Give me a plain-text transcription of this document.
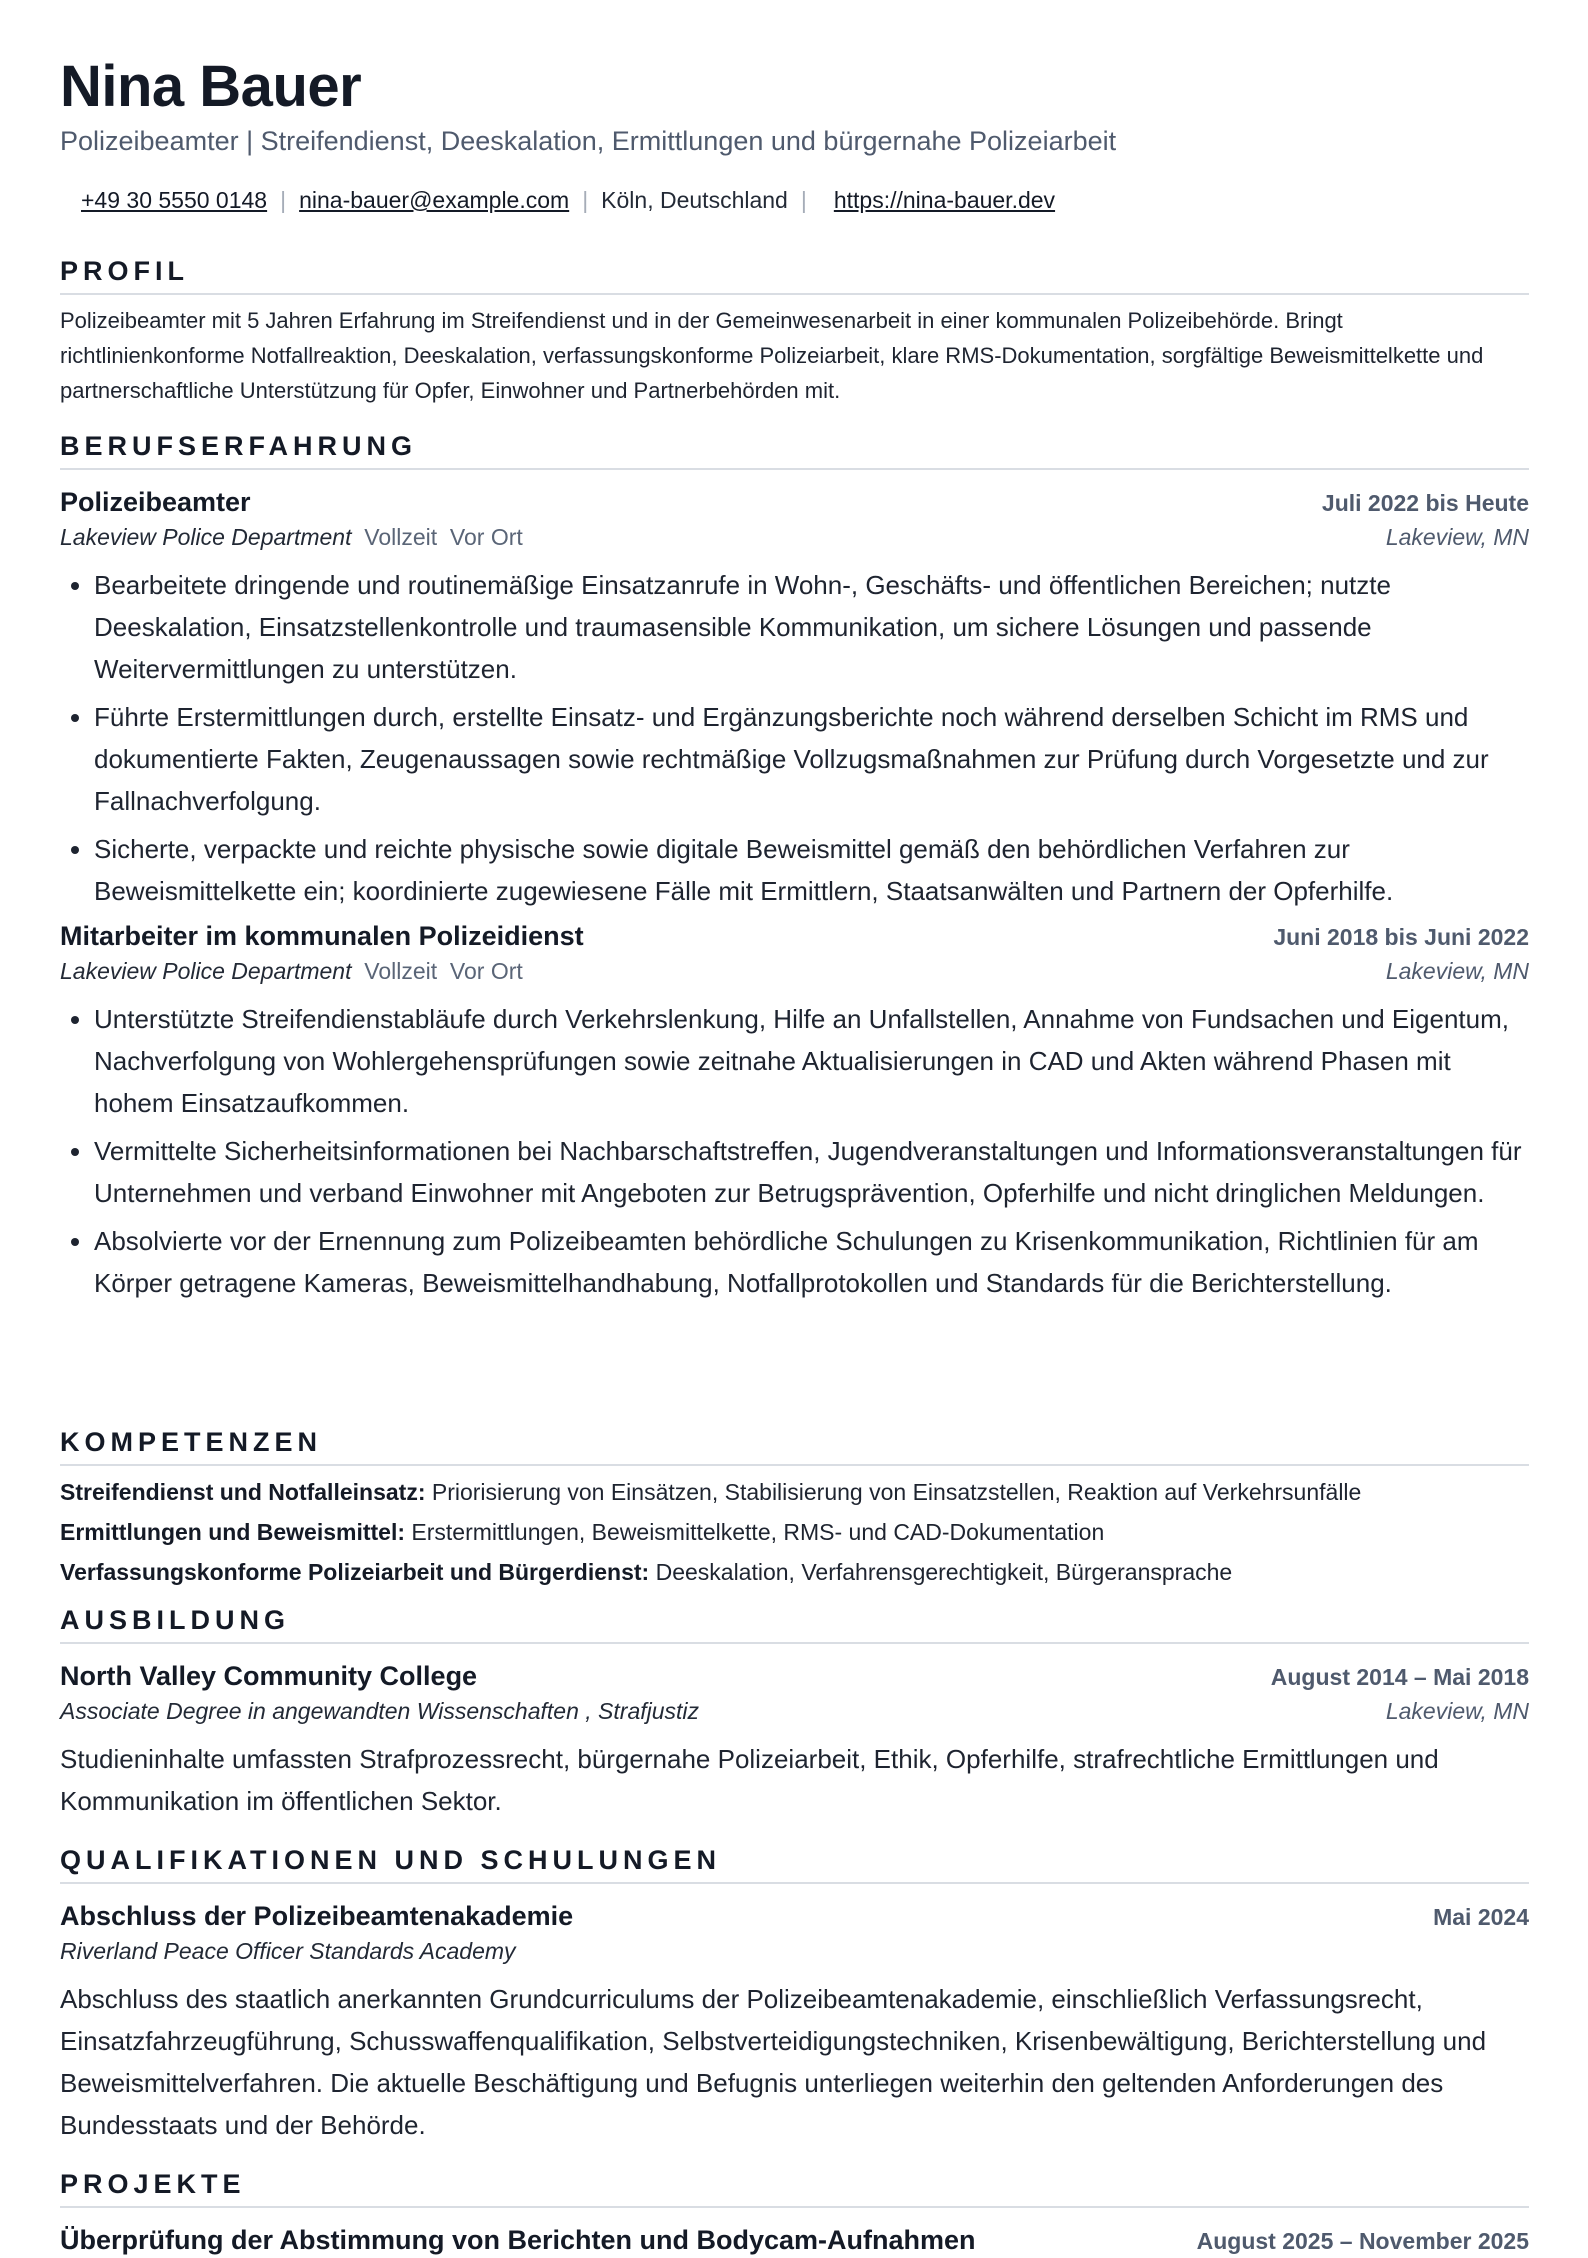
Nina Bauer
Polizeibeamter | Streifendienst, Deeskalation, Ermittlungen und bürgernahe Polizeiarbeit
+49 30 5550 0148 | nina-bauer@example.com | Köln, Deutschland | https://nina-bauer.dev
PROFIL
Polizeibeamter mit 5 Jahren Erfahrung im Streifendienst und in der Gemeinwesenarbeit in einer kommunalen Polizeibehörde. Bringt richtlinienkonforme Notfallreaktion, Deeskalation, verfassungskonforme Polizeiarbeit, klare RMS-Dokumentation, sorgfältige Beweismittelkette und partnerschaftliche Unterstützung für Opfer, Einwohner und Partnerbehörden mit.
BERUFSERFAHRUNG
Polizeibeamter	Juli 2022 bis Heute
Lakeview Police Department Vollzeit Vor Ort	Lakeview, MN
• Bearbeitete dringende und routinemäßige Einsatzanrufe in Wohn-, Geschäfts- und öffentlichen Bereichen; nutzte Deeskalation, Einsatzstellenkontrolle und traumasensible Kommunikation, um sichere Lösungen und passende Weitervermittlungen zu unterstützen.
• Führte Erstermittlungen durch, erstellte Einsatz- und Ergänzungsberichte noch während derselben Schicht im RMS und dokumentierte Fakten, Zeugenaussagen sowie rechtmäßige Vollzugsmaßnahmen zur Prüfung durch Vorgesetzte und zur Fallnachverfolgung.
• Sicherte, verpackte und reichte physische sowie digitale Beweismittel gemäß den behördlichen Verfahren zur Beweismittelkette ein; koordinierte zugewiesene Fälle mit Ermittlern, Staatsanwälten und Partnern der Opferhilfe.
Mitarbeiter im kommunalen Polizeidienst	Juni 2018 bis Juni 2022
Lakeview Police Department Vollzeit Vor Ort	Lakeview, MN
• Unterstützte Streifendienstabläufe durch Verkehrslenkung, Hilfe an Unfallstellen, Annahme von Fundsachen und Eigentum, Nachverfolgung von Wohlergehensprüfungen sowie zeitnahe Aktualisierungen in CAD und Akten während Phasen mit hohem Einsatzaufkommen.
• Vermittelte Sicherheitsinformationen bei Nachbarschaftstreffen, Jugendveranstaltungen und Informationsveranstaltungen für Unternehmen und verband Einwohner mit Angeboten zur Betrugsprävention, Opferhilfe und nicht dringlichen Meldungen.
• Absolvierte vor der Ernennung zum Polizeibeamten behördliche Schulungen zu Krisenkommunikation, Richtlinien für am Körper getragene Kameras, Beweismittelhandhabung, Notfallprotokollen und Standards für die Berichterstellung.
KOMPETENZEN
Streifendienst und Notfalleinsatz: Priorisierung von Einsätzen, Stabilisierung von Einsatzstellen, Reaktion auf Verkehrsunfälle
Ermittlungen und Beweismittel: Erstermittlungen, Beweismittelkette, RMS- und CAD-Dokumentation
Verfassungskonforme Polizeiarbeit und Bürgerdienst: Deeskalation, Verfahrensgerechtigkeit, Bürgeransprache
AUSBILDUNG
North Valley Community College	August 2014 – Mai 2018
Associate Degree in angewandten Wissenschaften , Strafjustiz	Lakeview, MN
Studieninhalte umfassten Strafprozessrecht, bürgernahe Polizeiarbeit, Ethik, Opferhilfe, strafrechtliche Ermittlungen und Kommunikation im öffentlichen Sektor.
QUALIFIKATIONEN UND SCHULUNGEN
Abschluss der Polizeibeamtenakademie	Mai 2024
Riverland Peace Officer Standards Academy
Abschluss des staatlich anerkannten Grundcurriculums der Polizeibeamtenakademie, einschließlich Verfassungsrecht, Einsatzfahrzeugführung, Schusswaffenqualifikation, Selbstverteidigungstechniken, Krisenbewältigung, Berichterstellung und Beweismittelverfahren. Die aktuelle Beschäftigung und Befugnis unterliegen weiterhin den geltenden Anforderungen des Bundesstaats und der Behörde.
PROJEKTE
Überprüfung der Abstimmung von Berichten und Bodycam-Aufnahmen	August 2025 – November 2025
